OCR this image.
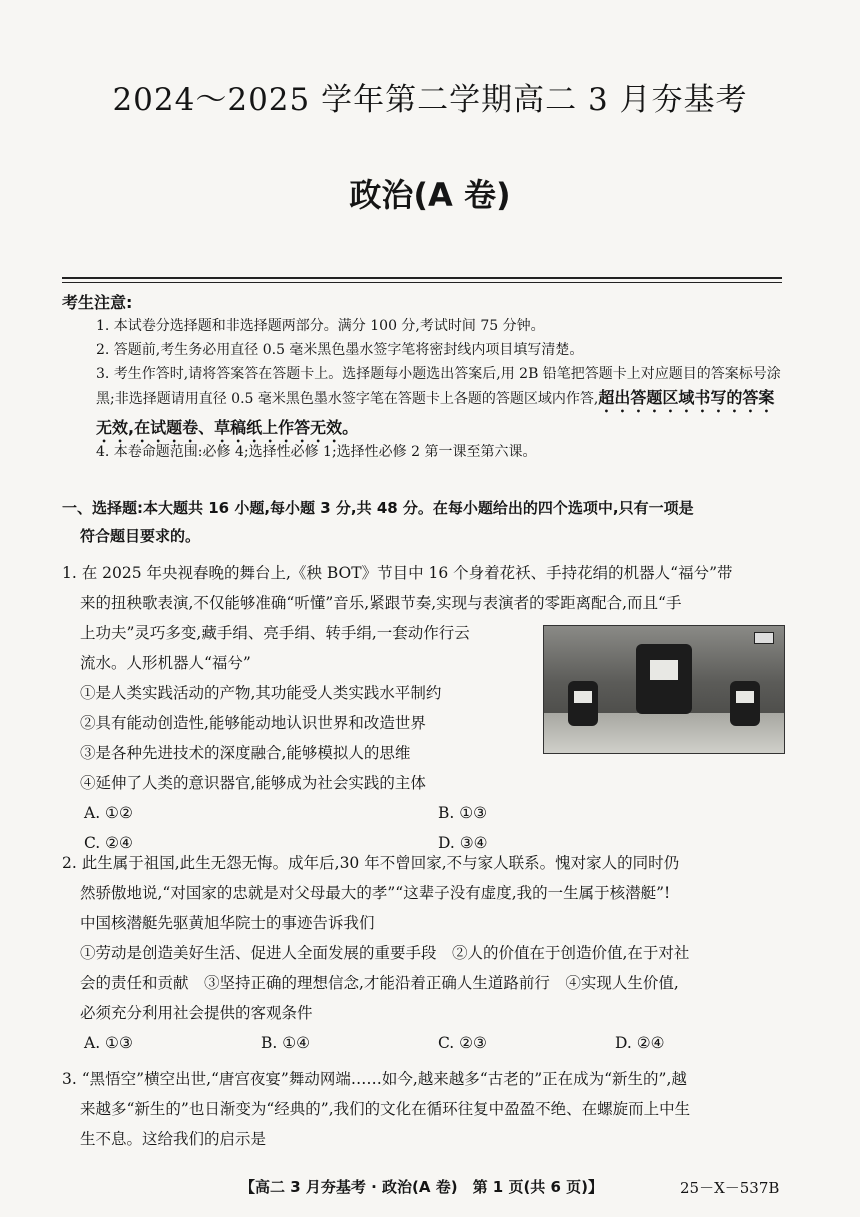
2024～2025 学年第二学期高二 3 月夯基考
政治(A 卷)
考生注意:
1. 本试卷分选择题和非选择题两部分。满分 100 分,考试时间 75 分钟。
2. 答题前,考生务必用直径 0.5 毫米黑色墨水签字笔将密封线内项目填写清楚。
3. 考生作答时,请将答案答在答题卡上。选择题每小题选出答案后,用 2B 铅笔把答题卡上对应题目的答案标号涂黑;非选择题请用直径 0.5 毫米黑色墨水签字笔在答题卡上各题的答题区域内作答,超出答题区域书写的答案无效,在试题卷、草稿纸上作答无效。
4. 本卷命题范围:必修 4;选择性必修 1;选择性必修 2 第一课至第六课。
一、选择题:本大题共 16 小题,每小题 3 分,共 48 分。在每小题给出的四个选项中,只有一项是
符合题目要求的。
1. 在 2025 年央视春晚的舞台上,《秧 BOT》节目中 16 个身着花袄、手持花绢的机器人“福兮”带
来的扭秧歌表演,不仅能够准确“听懂”音乐,紧跟节奏,实现与表演者的零距离配合,而且“手
上功夫”灵巧多变,藏手绢、亮手绢、转手绢,一套动作行云
流水。人形机器人“福兮”
①是人类实践活动的产物,其功能受人类实践水平制约
②具有能动创造性,能够能动地认识世界和改造世界
③是各种先进技术的深度融合,能够模拟人的思维
④延伸了人类的意识器官,能够成为社会实践的主体
A. ①②	B. ①③
C. ②④	D. ③④
2. 此生属于祖国,此生无怨无悔。成年后,30 年不曾回家,不与家人联系。愧对家人的同时仍
然骄傲地说,“对国家的忠就是对父母最大的孝”“这辈子没有虚度,我的一生属于核潜艇”!
中国核潜艇先驱黄旭华院士的事迹告诉我们
①劳动是创造美好生活、促进人全面发展的重要手段　②人的价值在于创造价值,在于对社
会的责任和贡献　③坚持正确的理想信念,才能沿着正确人生道路前行　④实现人生价值,
必须充分利用社会提供的客观条件
A. ①③	B. ①④	C. ②③	D. ②④
3. “黑悟空”横空出世,“唐宫夜宴”舞动网端……如今,越来越多“古老的”正在成为“新生的”,越
来越多“新生的”也日渐变为“经典的”,我们的文化在循环往复中盈盈不绝、在螺旋而上中生
生不息。这给我们的启示是
【高二 3 月夯基考 · 政治(A 卷)　第 1 页(共 6 页)】	25－X－537B
